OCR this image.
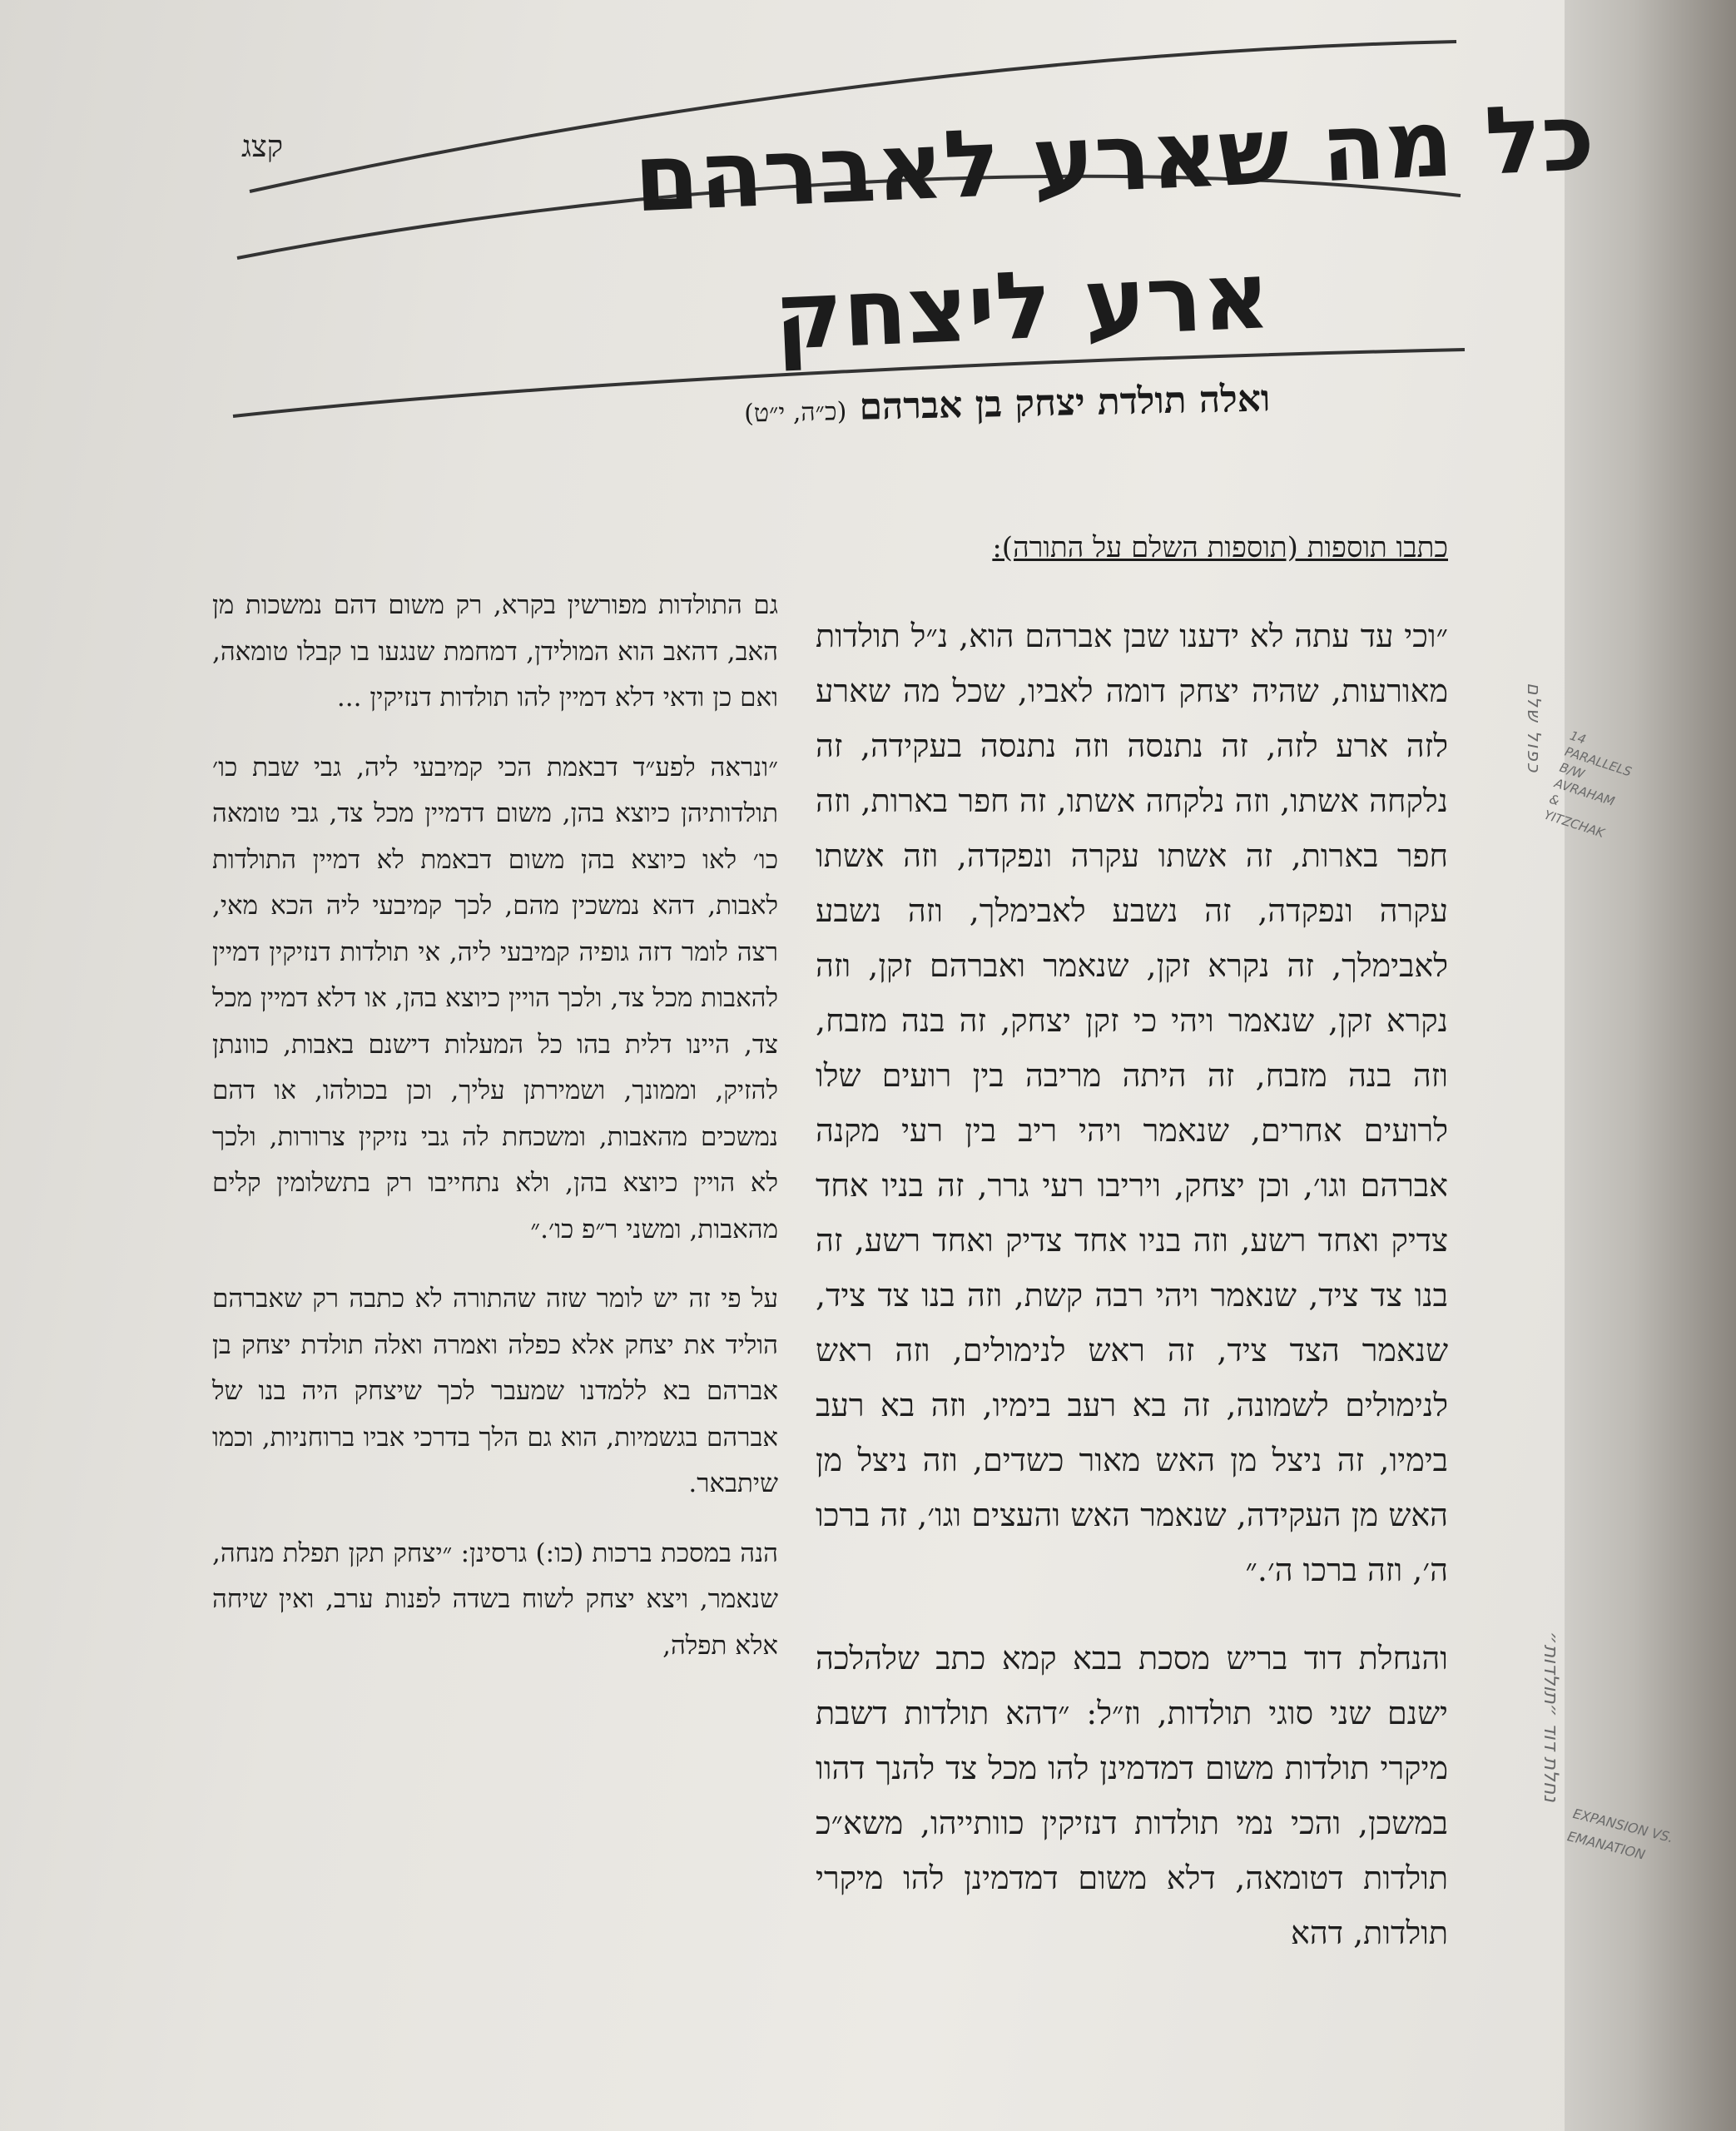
קצג	כל מה שארע לאברהם
ארע ליצחק
ואלה תולדת יצחק בן אברהם (כ״ה, י״ט)

כתבו תוספות (תוספות השלם על התורה):

״וכי עד עתה לא ידענו שבן אברהם הוא, נ״ל תולדות מאורעות, שהיה יצחק דומה לאביו, שכל מה שארע לזה ארע לזה, זה נתנסה וזה נתנסה בעקידה, זה נלקחה אשתו, וזה נלקחה אשתו, זה חפר בארות, וזה חפר בארות, זה אשתו עקרה ונפקדה, וזה אשתו עקרה ונפקדה, זה נשבע לאבימלך, וזה נשבע לאבימלך, זה נקרא זקן, שנאמר ואברהם זקן, וזה נקרא זקן, שנאמר ויהי כי זקן יצחק, זה בנה מזבח, וזה בנה מזבח, זה היתה מריבה בין רועים שלו לרועים אחרים, שנאמר ויהי ריב בין רעי מקנה אברהם וגו׳, וכן יצחק, ויריבו רעי גרר, זה בניו אחד צדיק ואחד רשע, וזה בניו אחד צדיק ואחד רשע, זה בנו צד ציד, שנאמר ויהי רבה קשת, וזה בנו צד ציד, שנאמר הצד ציד, זה ראש לנימולים, וזה ראש לנימולים לשמונה, זה בא רעב בימיו, וזה בא רעב בימיו, זה ניצל מן האש מאור כשדים, וזה ניצל מן האש מן העקידה, שנאמר האש והעצים וגו׳, זה ברכו ה׳, וזה ברכו ה׳.״

והנחלת דוד בריש מסכת בבא קמא כתב שלהלכה ישנם שני סוגי תולדות, וז״ל: ״דהא תולדות דשבת מיקרי תולדות משום דמדמינן להו מכל צד להנך דהוו במשכן, והכי נמי תולדות דנזיקין כוותייהו, משא״כ תולדות דטומאה, דלא משום דמדמינן להו מיקרי תולדות, דהא

גם התולדות מפורשין בקרא, רק משום דהם נמשכות מן האב, דהאב הוא המולידן, דמחמת שנגעו בו קבלו טומאה, ואם כן ודאי דלא דמיין להו תולדות דנזיקין ...

״ונראה לפע״ד דבאמת הכי קמיבעי ליה, גבי שבת כו׳ תולדותיהן כיוצא בהן, משום דדמיין מכל צד, גבי טומאה כו׳ לאו כיוצא בהן משום דבאמת לא דמיין התולדות לאבות, דהא נמשכין מהם, לכך קמיבעי ליה הכא מאי, רצה לומר דזה גופיה קמיבעי ליה, אי תולדות דנזיקין דמיין להאבות מכל צד, ולכך הויין כיוצא בהן, או דלא דמיין מכל צד, היינו דלית בהו כל המעלות דישנם באבות, כוונתן להזיק, וממונך, ושמירתן עליך, וכן בכולהו, או דהם נמשכים מהאבות, ומשכחת לה גבי נזיקין צרורות, ולכך לא הויין כיוצא בהן, ולא נתחייבו רק בתשלומין קלים מהאבות, ומשני ר״פ כו׳.״

על פי זה יש לומר שזה שהתורה לא כתבה רק שאברהם הוליד את יצחק אלא כפלה ואמרה ואלה תולדת יצחק בן אברהם בא ללמדנו שמעבר לכך שיצחק היה בנו של אברהם בגשמיות, הוא גם הלך בדרכי אביו ברוחניות, וכמו שיתבאר.

הנה במסכת ברכות (כו:) גרסינן: ״יצחק תקן תפלת מנחה, שנאמר, ויצא יצחק לשוח בשדה לפנות ערב, ואין שיחה אלא תפלה,

כפול שלם	14 PARALLELS B/W AVRAHAM & YITZCHAK
נחלת דוד ״תולדות״
EXPANSION VS. EMANATION
